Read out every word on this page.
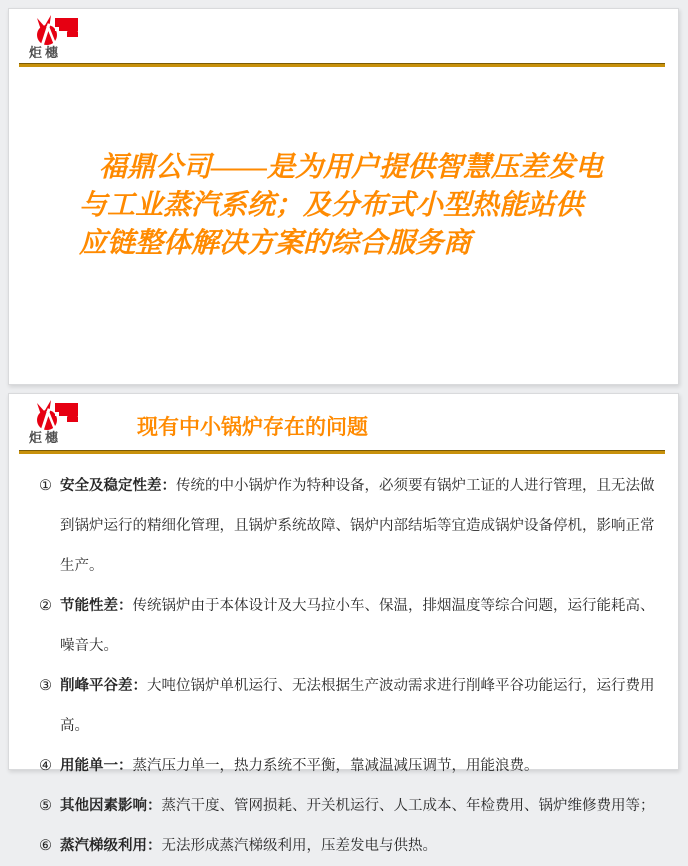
炬橞
福鼎公司——是为用户提供智慧压差发电
与工业蒸汽系统；及分布式小型热能站供
应链整体解决方案的综合服务商
炬橞	现有中小锅炉存在的问题
① 安全及稳定性差：传统的中小锅炉作为特种设备，必须要有锅炉工证的人进行管理，且无法做到锅炉运行的精细化管理，且锅炉系统故障、锅炉内部结垢等宜造成锅炉设备停机，影响正常生产。
② 节能性差：传统锅炉由于本体设计及大马拉小车、保温，排烟温度等综合问题，运行能耗高、噪音大。
③ 削峰平谷差：大吨位锅炉单机运行、无法根据生产波动需求进行削峰平谷功能运行，运行费用高。
④ 用能单一：蒸汽压力单一，热力系统不平衡，靠减温减压调节，用能浪费。
⑤ 其他因素影响：蒸汽干度、管网损耗、开关机运行、人工成本、年检费用、锅炉维修费用等；
⑥ 蒸汽梯级利用：无法形成蒸汽梯级利用，压差发电与供热。
